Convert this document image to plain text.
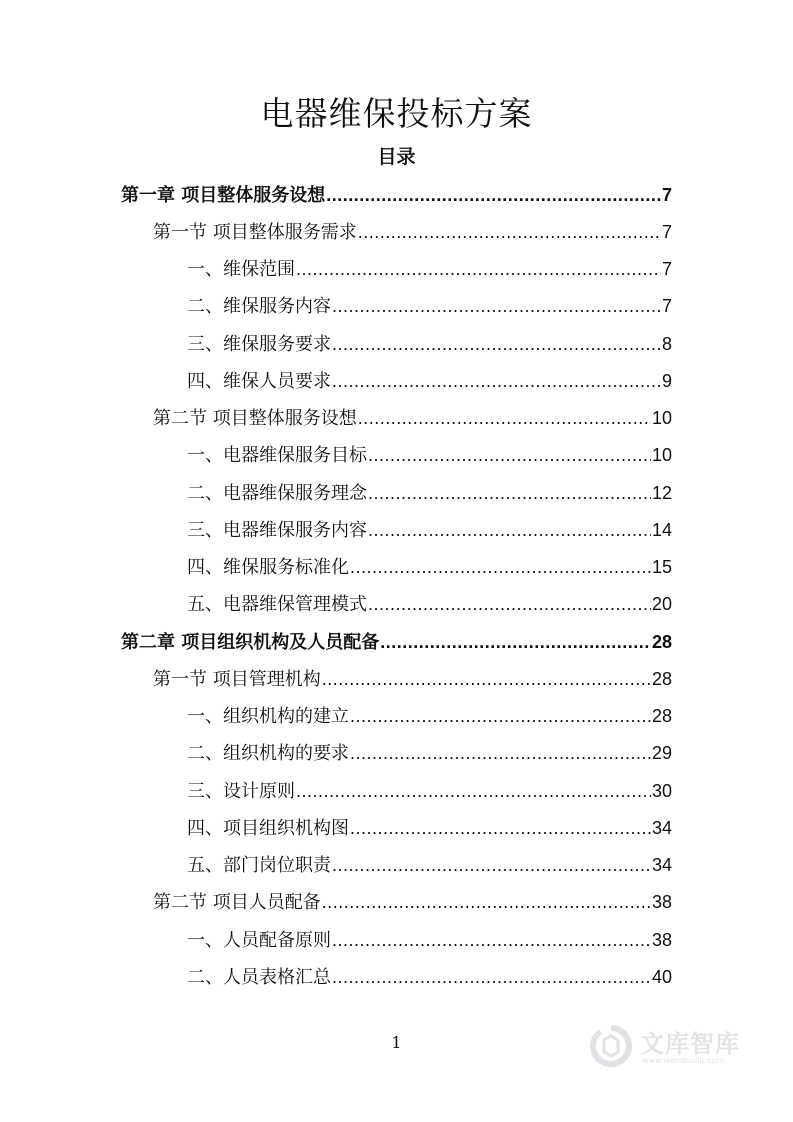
电器维保投标方案
目录
第一章 项目整体服务设想 .....	7
第一节 项目整体服务需求 .....	7
一、维保范围 .....	7
二、维保服务内容 .....	7
三、维保服务要求 .....	8
四、维保人员要求 .....	9
第二节 项目整体服务设想 .....	10
一、电器维保服务目标 .....	10
二、电器维保服务理念 .....	12
三、电器维保服务内容 .....	14
四、维保服务标准化 .....	15
五、电器维保管理模式 .....	20
第二章 项目组织机构及人员配备 .....	28
第一节 项目管理机构 .....	28
一、组织机构的建立 .....	28
二、组织机构的要求 .....	29
三、设计原则 .....	30
四、项目组织机构图 .....	34
五、部门岗位职责 .....	34
第二节 项目人员配备 .....	38
一、人员配备原则 .....	38
二、人员表格汇总 .....	40
1	文库智库
www.wenduolib.com
